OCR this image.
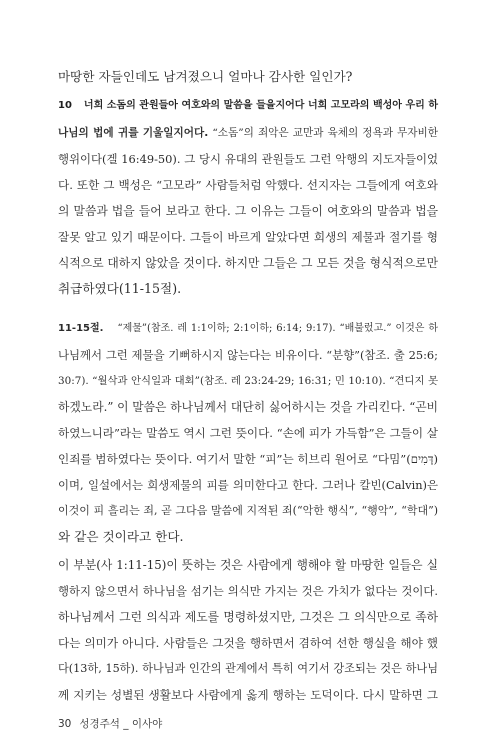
마땅한 자들인데도 남겨졌으니 얼마나 감사한 일인가?
10 너희 소돔의 관원들아 여호와의 말씀을 들을지어다 너희 고모라의 백성아 우리 하
나님의 법에 귀를 기울일지어다. “소돔”의 죄악은 교만과 육체의 정욕과 무자비한
행위이다(겔 16:49-50). 그 당시 유대의 관원들도 그런 악행의 지도자들이었
다. 또한 그 백성은 “고모라” 사람들처럼 악했다. 선지자는 그들에게 여호와
의 말씀과 법을 들어 보라고 한다. 그 이유는 그들이 여호와의 말씀과 법을
잘못 알고 있기 때문이다. 그들이 바르게 알았다면 희생의 제물과 절기를 형
식적으로 대하지 않았을 것이다. 하지만 그들은 그 모든 것을 형식적으로만
취급하였다(11-15절).
11-15절. “제물”(참조. 레 1:1이하; 2:1이하; 6:14; 9:17). “배불렀고.” 이것은 하
나님께서 그런 제물을 기뻐하시지 않는다는 비유이다. “분향”(참조. 출 25:6;
30:7). “월삭과 안식일과 대회”(참조. 레 23:24-29; 16:31; 민 10:10). “견디지 못
하겠노라.” 이 말씀은 하나님께서 대단히 싫어하시는 것을 가리킨다. “곤비
하였느니라”라는 말씀도 역시 그런 뜻이다. “손에 피가 가득함”은 그들이 살
인죄를 범하였다는 뜻이다. 여기서 말한 “피”는 히브리 원어로 “다밈”(דָּמִים)
이며, 일설에서는 희생제물의 피를 의미한다고 한다. 그러나 칼빈(Calvin)은
이것이 피 흘리는 죄, 곧 그다음 말씀에 지적된 죄(“악한 행식”, “행악”, “학대”)
와 같은 것이라고 한다.
이 부분(사 1:11-15)이 뜻하는 것은 사람에게 행해야 할 마땅한 일들은 실
행하지 않으면서 하나님을 섬기는 의식만 가지는 것은 가치가 없다는 것이다.
하나님께서 그런 의식과 제도를 명령하셨지만, 그것은 그 의식만으로 족하
다는 의미가 아니다. 사람들은 그것을 행하면서 겸하여 선한 행실을 해야 했
다(13하, 15하). 하나님과 인간의 관계에서 특히 여기서 강조되는 것은 하나님
께 지키는 성별된 생활보다 사람에게 옳게 행하는 도덕이다. 다시 말하면 그
30 성경주석 _ 이사야
